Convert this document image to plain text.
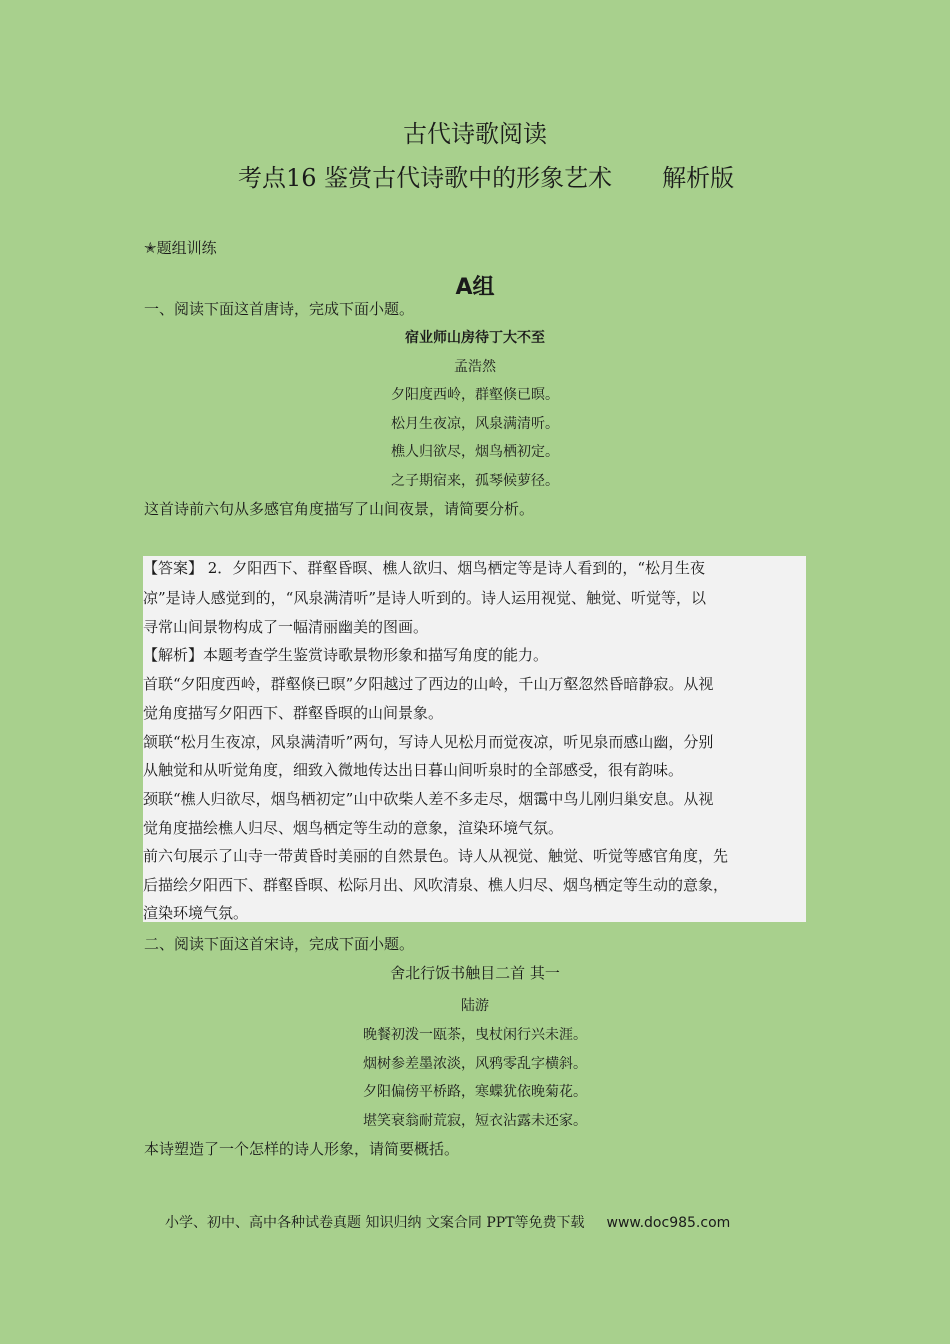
古代诗歌阅读
考点16 鉴赏古代诗歌中的形象艺术 解析版
✭题组训练
A组
一、阅读下面这首唐诗，完成下面小题。
宿业师山房待丁大不至
孟浩然
夕阳度西岭，群壑倏已暝。
松月生夜凉，风泉满清听。
樵人归欲尽，烟鸟栖初定。
之子期宿来，孤琴候萝径。
这首诗前六句从多感官角度描写了山间夜景，请简要分析。
【答案】 2．夕阳西下、群壑昏暝、樵人欲归、烟鸟栖定等是诗人看到的，“松月生夜
凉”是诗人感觉到的，“风泉满清听”是诗人听到的。诗人运用视觉、触觉、听觉等，以
寻常山间景物构成了一幅清丽幽美的图画。
【解析】本题考查学生鉴赏诗歌景物形象和描写角度的能力。
首联“夕阳度西岭，群壑倏已暝”夕阳越过了西边的山岭，千山万壑忽然昏暗静寂。从视
觉角度描写夕阳西下、群壑昏暝的山间景象。
颔联“松月生夜凉，风泉满清听”两句，写诗人见松月而觉夜凉，听见泉而感山幽，分别
从触觉和从听觉角度，细致入微地传达出日暮山间听泉时的全部感受，很有韵味。
颈联“樵人归欲尽，烟鸟栖初定”山中砍柴人差不多走尽，烟霭中鸟儿刚归巢安息。从视
觉角度描绘樵人归尽、烟鸟栖定等生动的意象，渲染环境气氛。
前六句展示了山寺一带黄昏时美丽的自然景色。诗人从视觉、触觉、听觉等感官角度，先
后描绘夕阳西下、群壑昏暝、松际月出、风吹清泉、樵人归尽、烟鸟栖定等生动的意象，
渲染环境气氛。
二、阅读下面这首宋诗，完成下面小题。
舍北行饭书触目二首 其一
陆游
晚餐初泼一瓯茶，曳杖闲行兴未涯。
烟树参差墨浓淡，风鸦零乱字横斜。
夕阳偏傍平桥路，寒蝶犹依晚菊花。
堪笑衰翁耐荒寂，短衣沾露未还家。
本诗塑造了一个怎样的诗人形象，请简要概括。
小学、初中、高中各种试卷真题 知识归纳 文案合同 PPT等免费下载 www.doc985.com
